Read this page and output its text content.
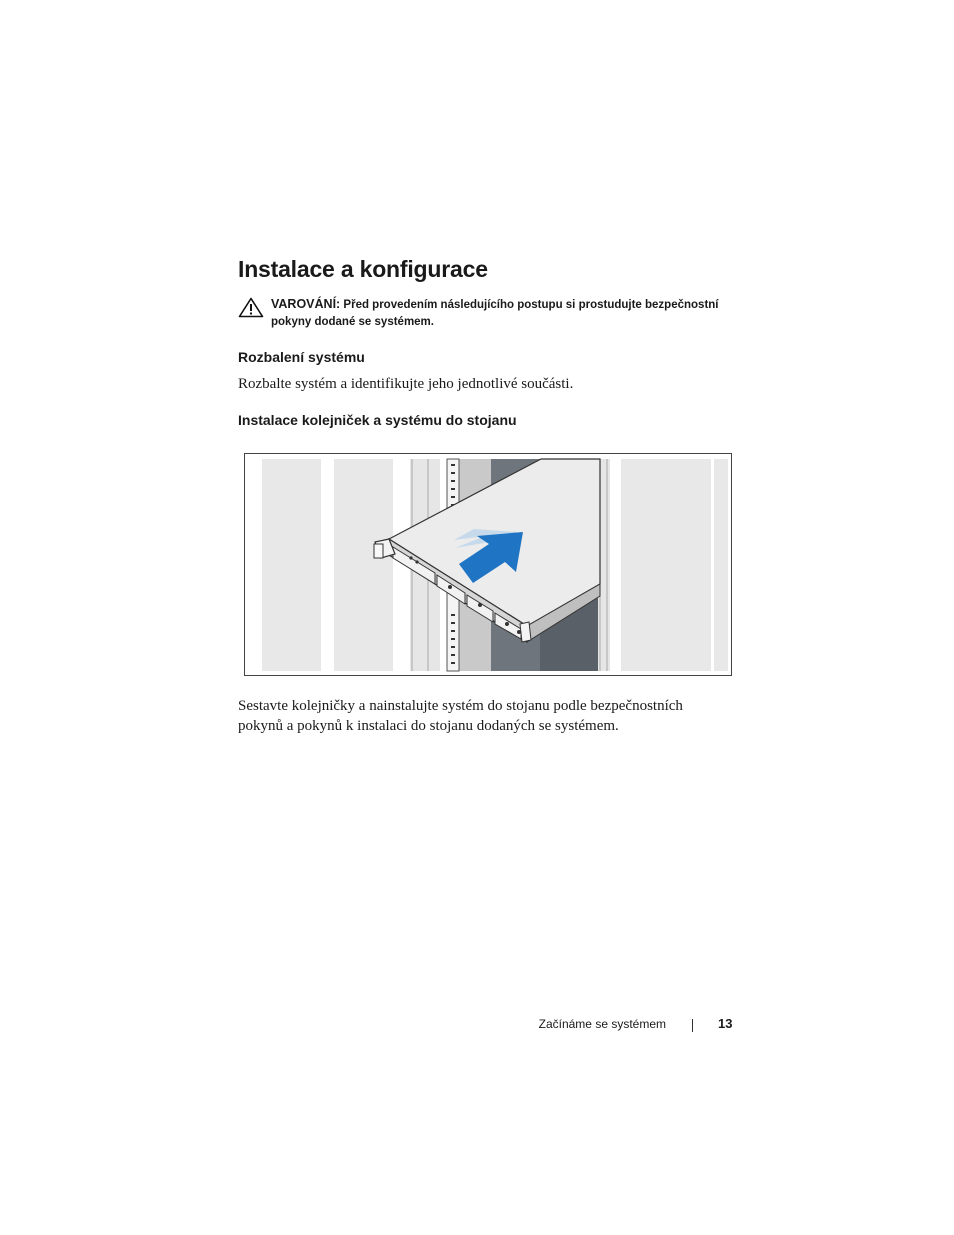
Instalace a konfigurace
VAROVÁNÍ: Před provedením následujícího postupu si prostudujte bezpečnostní pokyny dodané se systémem.
Rozbalení systému

Rozbalte systém a identifikujte jeho jednotlivé součásti.

Instalace kolejniček a systému do stojanu

Sestavte kolejničky a nainstalujte systém do stojanu podle bezpečnostních pokynů a pokynů k instalaci do stojanu dodaných se systémem.

Začínáme se systémem	13
